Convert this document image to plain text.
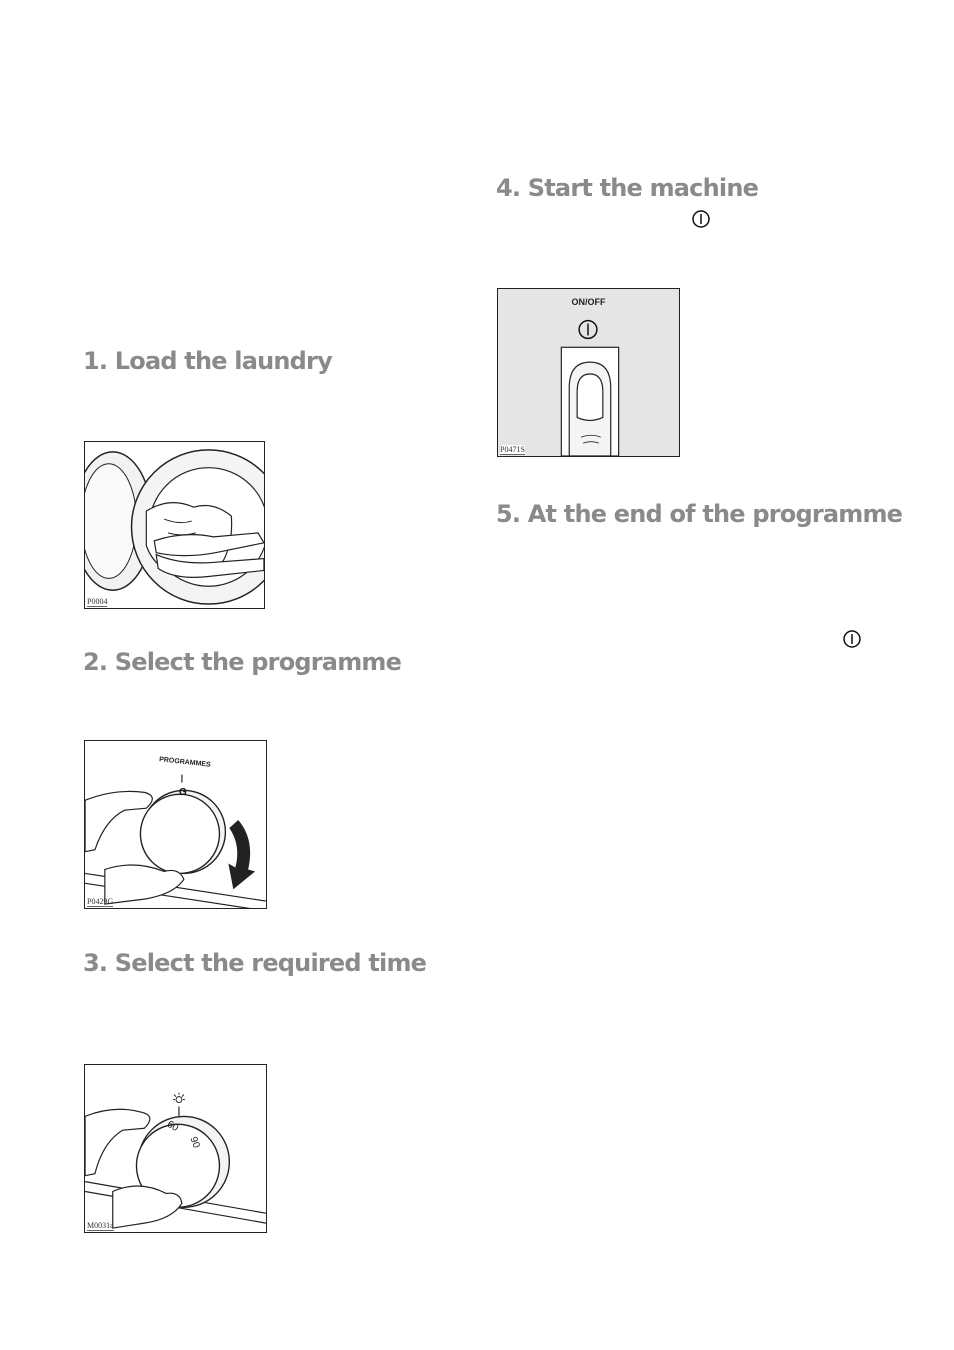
1. Load the laundry
P0004
2. Select the programme
PROGRAMMES
G
P0429G
3. Select the required time
60
90
M0031a
4. Start the machine
ON/OFF
P0471S
5. At the end of the programme
